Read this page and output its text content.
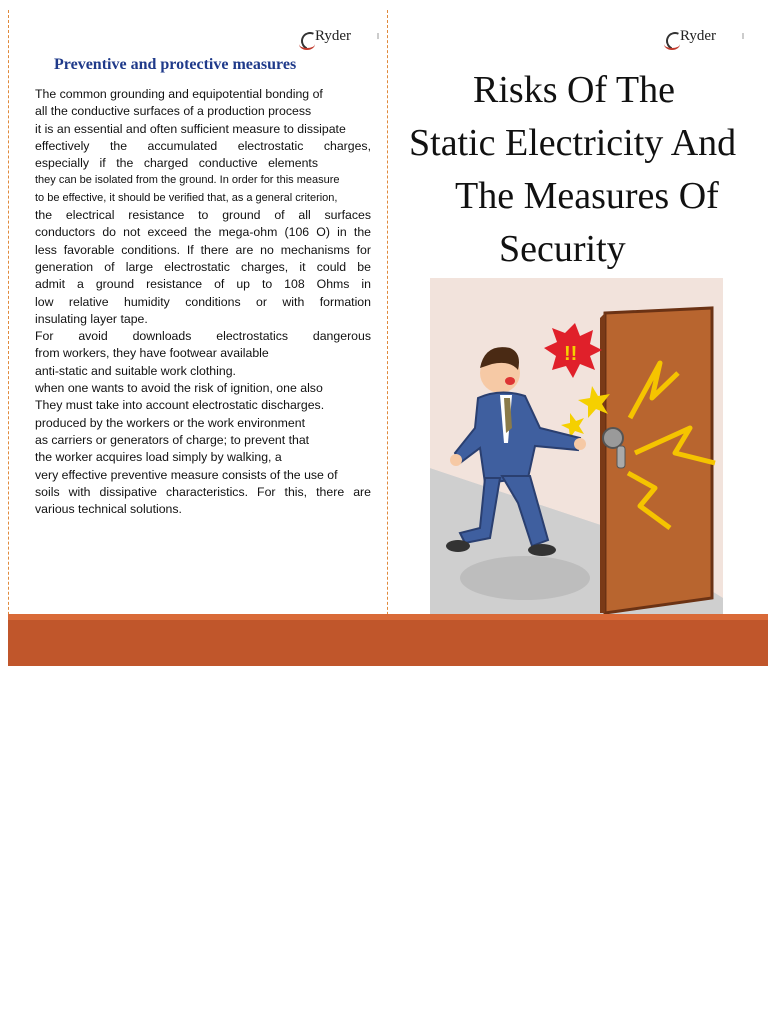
Ryder	Ryder
Preventive and protective measures

The common grounding and equipotential bonding of

all the conductive surfaces of a production process

it is an essential and often sufficient measure to dissipate

effectively the accumulated electrostatic charges,

especially if the charged conductive elements

they can be isolated from the ground. In order for this measure

to be effective, it should be verified that, as a general criterion,

the electrical resistance to ground of all surfaces

conductors do not exceed the mega-ohm (106 O) in the

less favorable conditions. If there are no mechanisms for

generation of large electrostatic charges, it could be

admit a ground resistance of up to 108 Ohms in

low relative humidity conditions or with formation

insulating layer tape.

For avoid downloads electrostatics dangerous

from workers, they have footwear available

anti-static and suitable work clothing.

when one wants to avoid the risk of ignition, one also

They must take into account electrostatic discharges.

produced by the workers or the work environment

as carriers or generators of charge; to prevent that

the worker acquires load simply by walking, a

very effective preventive measure consists of the use of

soils with dissipative characteristics. For this, there are

various technical solutions.

Risks Of The
Static Electricity And
The Measures Of
Security
!!
